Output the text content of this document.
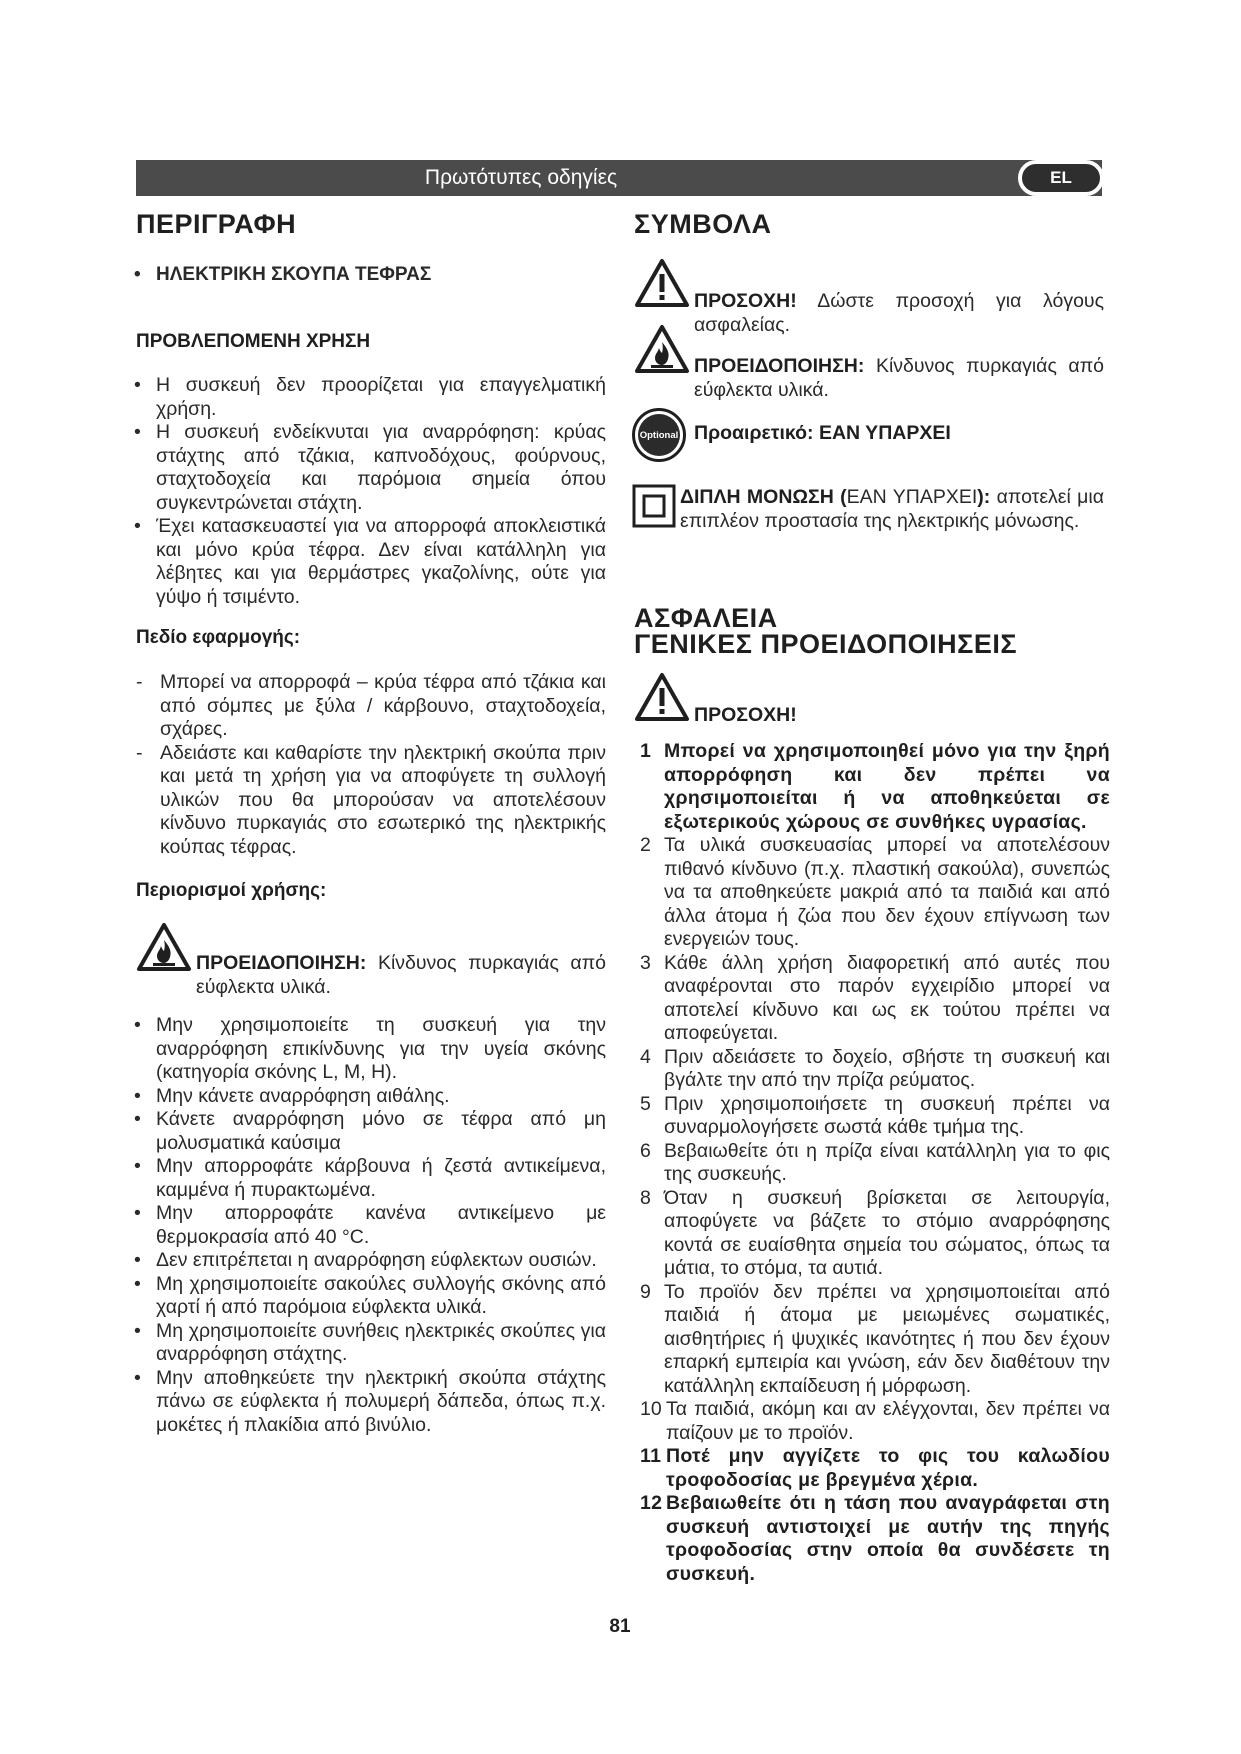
Πρωτότυπες οδηγίες	EL
ΠΕΡΙΓΡΑΦΗ
• ΗΛΕΚΤΡΙΚΗ ΣΚΟΥΠΑ ΤΕΦΡΑΣ
ΠΡΟΒΛΕΠΟΜΕΝΗ ΧΡΗΣΗ
• Η συσκευή δεν προορίζεται για επαγγελματική χρήση.
• Η συσκευή ενδείκνυται για αναρρόφηση: κρύας στάχτης από τζάκια, καπνοδόχους, φούρνους, σταχτοδοχεία και παρόμοια σημεία όπου συγκεντρώνεται στάχτη.
• Έχει κατασκευαστεί για να απορροφά αποκλειστικά και μόνο κρύα τέφρα. Δεν είναι κατάλληλη για λέβητες και για θερμάστρες γκαζολίνης, ούτε για γύψο ή τσιμέντο.
Πεδίο εφαρμογής:
- Μπορεί να απορροφά – κρύα τέφρα από τζάκια και από σόμπες με ξύλα / κάρβουνο, σταχτοδοχεία, σχάρες.
- Αδειάστε και καθαρίστε την ηλεκτρική σκούπα πριν και μετά τη χρήση για να αποφύγετε τη συλλογή υλικών που θα μπορούσαν να αποτελέσουν κίνδυνο πυρκαγιάς στο εσωτερικό της ηλεκτρικής κούπας τέφρας.
Περιορισμοί χρήσης:
ΠΡΟΕΙΔΟΠΟΙΗΣΗ: Κίνδυνος πυρκαγιάς από εύφλεκτα υλικά.
• Μην χρησιμοποιείτε τη συσκευή για την αναρρόφηση επικίνδυνης για την υγεία σκόνης (κατηγορία σκόνης L, M, H).
• Μην κάνετε αναρρόφηση αιθάλης.
• Κάνετε αναρρόφηση μόνο σε τέφρα από μη μολυσματικά καύσιμα
• Μην απορροφάτε κάρβουνα ή ζεστά αντικείμενα, καμμένα ή πυρακτωμένα.
• Μην απορροφάτε κανένα αντικείμενο με θερμοκρασία από 40 °C.
• Δεν επιτρέπεται η αναρρόφηση εύφλεκτων ουσιών.
• Μη χρησιμοποιείτε σακούλες συλλογής σκόνης από χαρτί ή από παρόμοια εύφλεκτα υλικά.
• Μη χρησιμοποιείτε συνήθεις ηλεκτρικές σκούπες για αναρρόφηση στάχτης.
• Μην αποθηκεύετε την ηλεκτρική σκούπα στάχτης πάνω σε εύφλεκτα ή πολυμερή δάπεδα, όπως π.χ. μοκέτες ή πλακίδια από βινύλιο.
ΣΥΜΒΟΛΑ
ΠΡΟΣΟΧΗ! Δώστε προσοχή για λόγους ασφαλείας.
ΠΡΟΕΙΔΟΠΟΙΗΣΗ: Κίνδυνος πυρκαγιάς από εύφλεκτα υλικά.
Optional Προαιρετικό: ΕΑΝ ΥΠΑΡΧΕΙ
ΔΙΠΛΗ ΜΟΝΩΣΗ (ΕΑΝ ΥΠΑΡΧΕΙ): αποτελεί μια επιπλέον προστασία της ηλεκτρικής μόνωσης.
ΑΣΦΑΛΕΙΑ
ΓΕΝΙΚΕΣ ΠΡΟΕΙΔΟΠΟΙΗΣΕΙΣ
ΠΡΟΣΟΧΗ!
1 Μπορεί να χρησιμοποιηθεί μόνο για την ξηρή απορρόφηση και δεν πρέπει να χρησιμοποιείται ή να αποθηκεύεται σε εξωτερικούς χώρους σε συνθήκες υγρασίας.
2 Τα υλικά συσκευασίας μπορεί να αποτελέσουν πιθανό κίνδυνο (π.χ. πλαστική σακούλα), συνεπώς να τα αποθηκεύετε μακριά από τα παιδιά και από άλλα άτομα ή ζώα που δεν έχουν επίγνωση των ενεργειών τους.
3 Κάθε άλλη χρήση διαφορετική από αυτές που αναφέρονται στο παρόν εγχειρίδιο μπορεί να αποτελεί κίνδυνο και ως εκ τούτου πρέπει να αποφεύγεται.
4 Πριν αδειάσετε το δοχείο, σβήστε τη συσκευή και βγάλτε την από την πρίζα ρεύματος.
5 Πριν χρησιμοποιήσετε τη συσκευή πρέπει να συναρμολογήσετε σωστά κάθε τμήμα της.
6 Βεβαιωθείτε ότι η πρίζα είναι κατάλληλη για το φις της συσκευής.
8 Όταν η συσκευή βρίσκεται σε λειτουργία, αποφύγετε να βάζετε το στόμιο αναρρόφησης κοντά σε ευαίσθητα σημεία του σώματος, όπως τα μάτια, το στόμα, τα αυτιά.
9 Το προϊόν δεν πρέπει να χρησιμοποιείται από παιδιά ή άτομα με μειωμένες σωματικές, αισθητήριες ή ψυχικές ικανότητες ή που δεν έχουν επαρκή εμπειρία και γνώση, εάν δεν διαθέτουν την κατάλληλη εκπαίδευση ή μόρφωση.
10 Τα παιδιά, ακόμη και αν ελέγχονται, δεν πρέπει να παίζουν με το προϊόν.
11 Ποτέ μην αγγίζετε το φις του καλωδίου τροφοδοσίας με βρεγμένα χέρια.
12 Βεβαιωθείτε ότι η τάση που αναγράφεται στη συσκευή αντιστοιχεί με αυτήν της πηγής τροφοδοσίας στην οποία θα συνδέσετε τη συσκευή.
81
